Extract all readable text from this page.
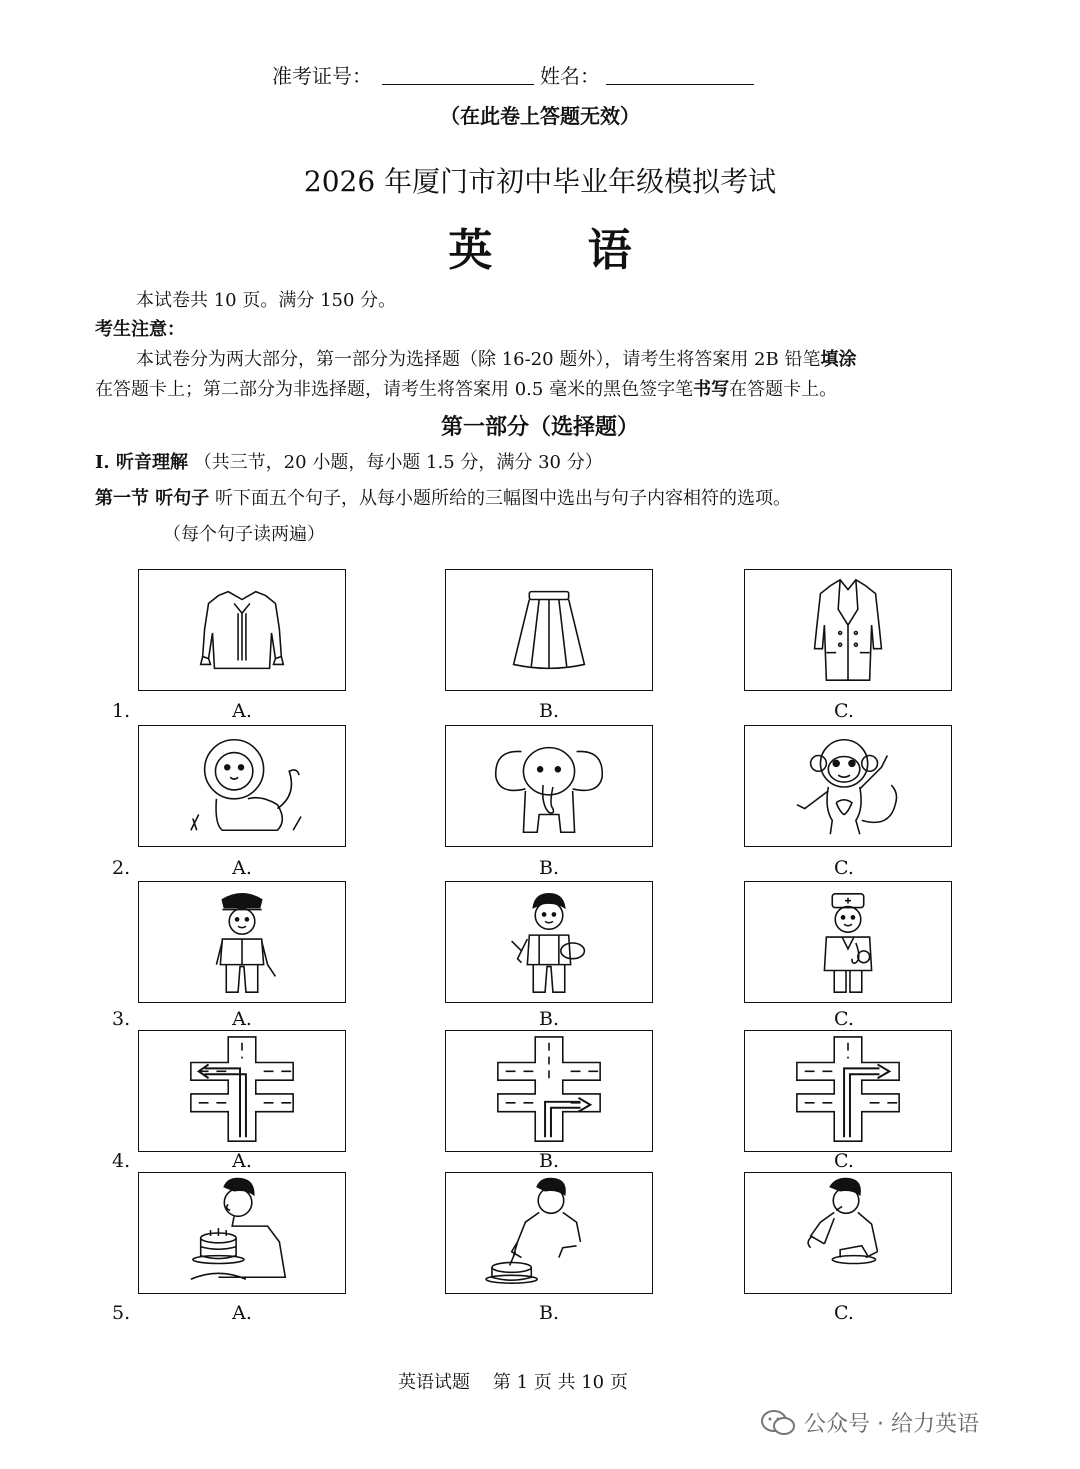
准考证号：	姓名：
（在此卷上答题无效）
2026 年厦门市初中毕业年级模拟考试
英 语
本试卷共 10 页。满分 150 分。
考生注意：
本试卷分为两大部分，第一部分为选择题（除 16-20 题外），请考生将答案用 2B 铅笔填涂
在答题卡上；第二部分为非选择题，请考生将答案用 0.5 毫米的黑色签字笔书写在答题卡上。
第一部分（选择题）
I. 听音理解 （共三节，20 小题，每小题 1.5 分，满分 30 分）
第一节 听句子 听下面五个句子，从每小题所给的三幅图中选出与句子内容相符的选项。
（每个句子读两遍）
1.	A.	B.	C.
2.	A.	B.	C.
3.	A.	B.	C.
4.	A.	B.	C.
5.	A.	B.	C.
英语试题    第 1 页 共 10 页
公众号 · 给力英语
